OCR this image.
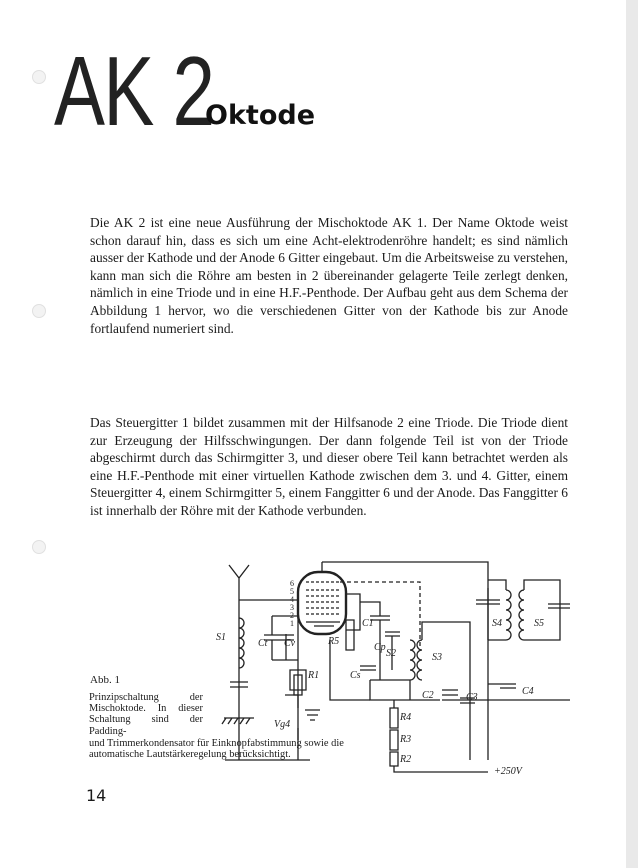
AK 2
Oktode

Die AK 2 ist eine neue Ausführung der Mischoktode AK 1. Der Name Oktode weist schon darauf hin, dass es sich um eine Acht-elektrodenröhre handelt; es sind nämlich ausser der Kathode und der Anode 6 Gitter eingebaut. Um die Arbeitsweise zu verstehen, kann man sich die Röhre am besten in 2 übereinander gelagerte Teile zerlegt denken, nämlich in eine Triode und in eine H.F.-Penthode. Der Aufbau geht aus dem Schema der Abbildung 1 hervor, wo die verschiedenen Gitter von der Kathode bis zur Anode fortlaufend numeriert sind.

Das Steuergitter 1 bildet zusammen mit der Hilfsanode 2 eine Triode. Die Triode dient zur Erzeugung der Hilfsschwingungen. Der dann folgende Teil ist von der Triode abgeschirmt durch das Schirmgitter 3, und dieser obere Teil kann betrachtet werden als eine H.F.-Penthode mit einer virtuellen Kathode zwischen dem 3. und 4. Gitter, einem Steuergitter 4, einem Schirmgitter 5, einem Fanggitter 6 und der Anode. Das Fanggitter 6 ist innerhalb der Röhre mit der Kathode verbunden.

S1
Ct Cv
R1
Vg4
R5
C1
Cp
Cs
S2	S3
C2	C3
S4	S5
C4
R4
R3
R2
+250V
6
5
4
3
2
1
Abb. 1

Prinzipschaltung der Mischoktode. In dieser Schaltung sind der Padding-

und Trimmerkondensator für Einknopfabstimmung sowie die automatische Lautstärkeregelung berücksichtigt.

14
